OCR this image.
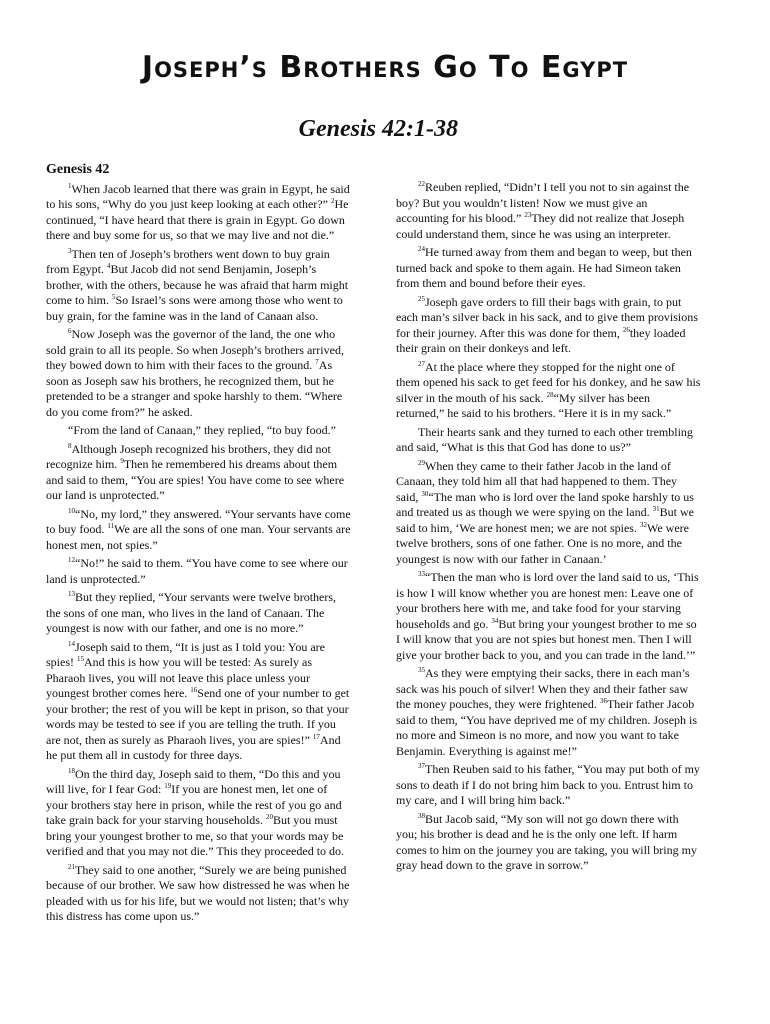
Joseph’s Brothers Go To Egypt
Genesis 42:1-38
Genesis 42

$^1$When Jacob learned that there was grain in Egypt, he said to his sons, “Why do you just keep looking at each other?” $^2$He continued, “I have heard that there is grain in Egypt. Go down there and buy some for us, so that we may live and not die.”

$^3$Then ten of Joseph’s brothers went down to buy grain from Egypt. $^4$But Jacob did not send Benjamin, Joseph’s brother, with the others, because he was afraid that harm might come to him. $^5$So Israel’s sons were among those who went to buy grain, for the famine was in the land of Canaan also.

$^6$Now Joseph was the governor of the land, the one who sold grain to all its people. So when Joseph’s brothers arrived, they bowed down to him with their faces to the ground. $^7$As soon as Joseph saw his brothers, he recognized them, but he pretended to be a stranger and spoke harshly to them. “Where do you come from?” he asked.

“From the land of Canaan,” they replied, “to buy food.”

$^8$Although Joseph recognized his brothers, they did not recognize him. $^9$Then he remembered his dreams about them and said to them, “You are spies! You have come to see where our land is unprotected.”

$^{10}$“No, my lord,” they answered. “Your servants have come to buy food. $^{11}$We are all the sons of one man. Your servants are honest men, not spies.”

$^{12}$“No!” he said to them. “You have come to see where our land is unprotected.”

$^{13}$But they replied, “Your servants were twelve brothers, the sons of one man, who lives in the land of Canaan. The youngest is now with our father, and one is no more.”

$^{14}$Joseph said to them, “It is just as I told you: You are spies! $^{15}$And this is how you will be tested: As surely as Pharaoh lives, you will not leave this place unless your youngest brother comes here. $^{16}$Send one of your number to get your brother; the rest of you will be kept in prison, so that your words may be tested to see if you are telling the truth. If you are not, then as surely as Pharaoh lives, you are spies!” $^{17}$And he put them all in custody for three days.

$^{18}$On the third day, Joseph said to them, “Do this and you will live, for I fear God: $^{19}$If you are honest men, let one of your brothers stay here in prison, while the rest of you go and take grain back for your starving households. $^{20}$But you must bring your youngest brother to me, so that your words may be verified and that you may not die.” This they proceeded to do.

$^{21}$They said to one another, “Surely we are being punished because of our brother. We saw how distressed he was when he pleaded with us for his life, but we would not listen; that’s why this distress has come upon us.”

$^{22}$Reuben replied, “Didn’t I tell you not to sin against the boy? But you wouldn’t listen! Now we must give an accounting for his blood.” $^{23}$They did not realize that Joseph could understand them, since he was using an interpreter.

$^{24}$He turned away from them and began to weep, but then turned back and spoke to them again. He had Simeon taken from them and bound before their eyes.

$^{25}$Joseph gave orders to fill their bags with grain, to put each man’s silver back in his sack, and to give them provisions for their journey. After this was done for them, $^{26}$they loaded their grain on their donkeys and left.

$^{27}$At the place where they stopped for the night one of them opened his sack to get feed for his donkey, and he saw his silver in the mouth of his sack. $^{28}$“My silver has been returned,” he said to his brothers. “Here it is in my sack.”

Their hearts sank and they turned to each other trembling and said, “What is this that God has done to us?”

$^{29}$When they came to their father Jacob in the land of Canaan, they told him all that had happened to them. They said, $^{30}$“The man who is lord over the land spoke harshly to us and treated us as though we were spying on the land. $^{31}$But we said to him, ‘We are honest men; we are not spies. $^{32}$We were twelve brothers, sons of one father. One is no more, and the youngest is now with our father in Canaan.’

$^{33}$“Then the man who is lord over the land said to us, ‘This is how I will know whether you are honest men: Leave one of your brothers here with me, and take food for your starving households and go. $^{34}$But bring your youngest brother to me so I will know that you are not spies but honest men. Then I will give your brother back to you, and you can trade in the land.’”

$^{35}$As they were emptying their sacks, there in each man’s sack was his pouch of silver! When they and their father saw the money pouches, they were frightened. $^{36}$Their father Jacob said to them, “You have deprived me of my children. Joseph is no more and Simeon is no more, and now you want to take Benjamin. Everything is against me!”

$^{37}$Then Reuben said to his father, “You may put both of my sons to death if I do not bring him back to you. Entrust him to my care, and I will bring him back.”

$^{38}$But Jacob said, “My son will not go down there with you; his brother is dead and he is the only one left. If harm comes to him on the journey you are taking, you will bring my gray head down to the grave in sorrow.”
